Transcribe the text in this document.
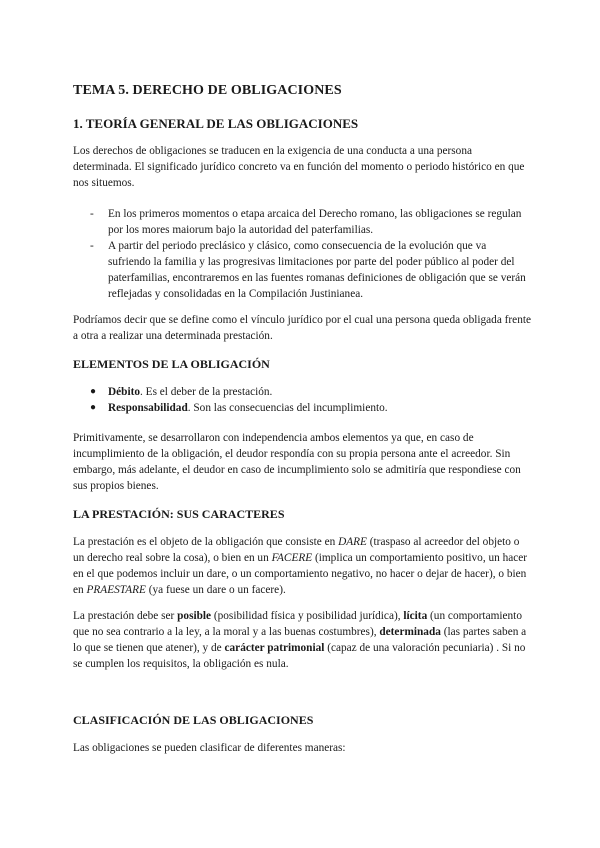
TEMA 5. DERECHO DE OBLIGACIONES
1. TEORÍA GENERAL DE LAS OBLIGACIONES

Los derechos de obligaciones se traducen en la exigencia de una conducta a una persona determinada. El significado jurídico concreto va en función del momento o periodo histórico en que nos situemos.

- En los primeros momentos o etapa arcaica del Derecho romano, las obligaciones se regulan por los mores maiorum bajo la autoridad del paterfamilias.
- A partir del periodo preclásico y clásico, como consecuencia de la evolución que va sufriendo la familia y las progresivas limitaciones por parte del poder público al poder del paterfamilias, encontraremos en las fuentes romanas definiciones de obligación que se verán reflejadas y consolidadas en la Compilación Justinianea.

Podríamos decir que se define como el vínculo jurídico por el cual una persona queda obligada frente a otra a realizar una determinada prestación.

ELEMENTOS DE LA OBLIGACIÓN
● Débito. Es el deber de la prestación.
● Responsabilidad. Son las consecuencias del incumplimiento.

Primitivamente, se desarrollaron con independencia ambos elementos ya que, en caso de incumplimiento de la obligación, el deudor respondía con su propia persona ante el acreedor. Sin embargo, más adelante, el deudor en caso de incumplimiento solo se admitiría que respondiese con sus propios bienes.

LA PRESTACIÓN: SUS CARACTERES

La prestación es el objeto de la obligación que consiste en DARE (traspaso al acreedor del objeto o un derecho real sobre la cosa), o bien en un FACERE (implica un comportamiento positivo, un hacer en el que podemos incluir un dare, o un comportamiento negativo, no hacer o dejar de hacer), o bien en PRAESTARE (ya fuese un dare o un facere).

La prestación debe ser posible (posibilidad física y posibilidad jurídica), lícita (un comportamiento que no sea contrario a la ley, a la moral y a las buenas costumbres), determinada (las partes saben a lo que se tienen que atener), y de carácter patrimonial (capaz de una valoración pecuniaria) . Si no se cumplen los requisitos, la obligación es nula.

CLASIFICACIÓN DE LAS OBLIGACIONES

Las obligaciones se pueden clasificar de diferentes maneras:
